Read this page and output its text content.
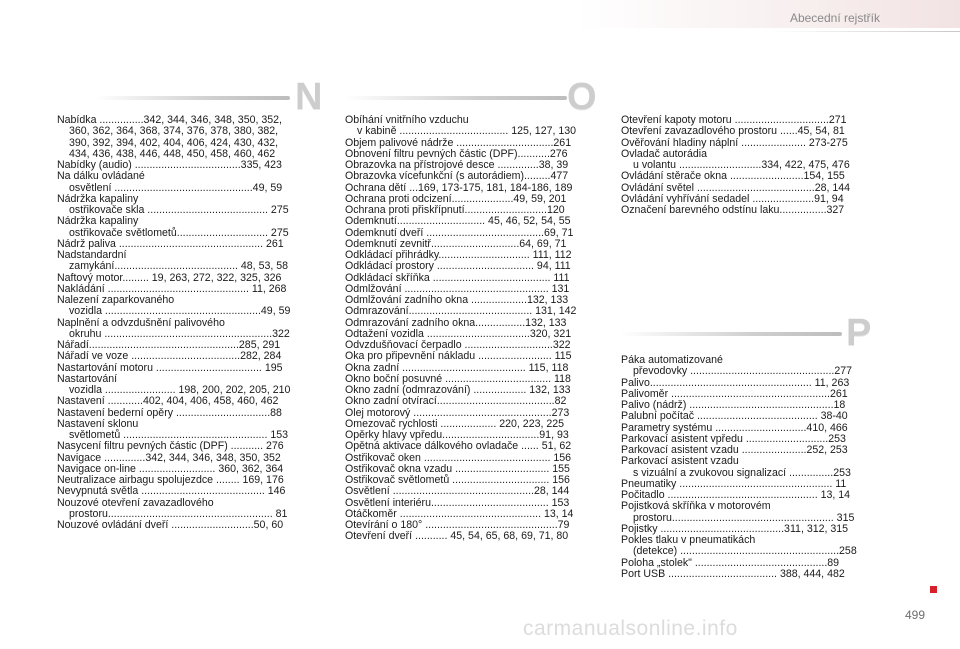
Abecední rejstřík
N	O
P
Nabídka ...............342, 344, 346, 348, 350, 352,
360, 362, 364, 368, 374, 376, 378, 380, 382,
390, 392, 394, 402, 404, 406, 424, 430, 432,
434, 436, 438, 446, 448, 450, 458, 460, 462
Nabídky (audio) ....................................335, 423
Na dálku ovládané
osvětlení ...............................................49, 59
Nádržka kapaliny
ostřikovače skla ......................................... 275
Nádržka kapaliny
ostřikovače světlometů............................... 275
Nádrž paliva ................................................. 261
Nadstandardní
zamykání.......................................... 48, 53, 58
Naftový motor......... 19, 263, 272, 322, 325, 326
Nakládání ................................................ 11, 268
Nalezení zaparkovaného
vozidla .....................................................49, 59
Naplnění a odvzdušnění palivového
okruhu .........................................................322
Nářadí...................................................285, 291
Nářadí ve voze .....................................282, 284
Nastartování motoru .................................... 195
Nastartování
vozidla ........................ 198, 200, 202, 205, 210
Nastavení ............402, 404, 406, 458, 460, 462
Nastavení bederní opěry ................................88
Nastavení sklonu
světlometů ................................................. 153
Nasycení filtru pevných částic (DPF) ........... 276
Navigace ..............342, 344, 346, 348, 350, 352
Navigace on-line .......................... 360, 362, 364
Neutralizace airbagu spolujezdce ........ 169, 176
Nevypnutá světla .......................................... 146
Nouzové otevření zavazadlového
prostoru........................................................ 81
Nouzové ovládání dveří ............................50, 60
Obíhání vnitřního vzduchu
v kabině ..................................... 125, 127, 130
Objem palivové nádrže .................................261
Obnovení filtru pevných částic (DPF)...........276
Obrazovka na přístrojové desce ..............38, 39
Obrazovka vícefunkční (s autorádiem).........477
Ochrana dětí ...169, 173-175, 181, 184-186, 189
Ochrana proti odcizení.....................49, 59, 201
Ochrana proti přiskřípnutí............................120
Odemknutí.............................. 45, 46, 52, 54, 55
Odemknutí dveří ........................................69, 71
Odemknutí zevnitř..............................64, 69, 71
Odkládací přihrádky............................... 111, 112
Odkládací prostory ................................. 94, 111
Odkládací skříňka ........................................ 111
Odmlžování ................................................. 131
Odmlžování zadního okna ...................132, 133
Odmrazování.......................................... 131, 142
Odmrazování zadního okna.................132, 133
Odtažení vozidla ...................................320, 321
Odvzdušňovací čerpadlo ..............................322
Oka pro připevnění nákladu ......................... 115
Okna zadní .......................................... 115, 118
Okno boční posuvné .................................... 118
Okno zadní (odmrazování) .................. 132, 133
Okno zadní otvírací........................................82
Olej motorový ...............................................273
Omezovač rychlosti ................... 220, 223, 225
Opěrky hlavy vpředu.................................91, 93
Opětná aktivace dálkového ovladače ...... 51, 62
Ostřikovač oken ........................................... 156
Ostřikovač okna vzadu ................................ 155
Ostřikovač světlometů ................................. 156
Osvětlení ................................................28, 144
Osvětlení interiéru........................................ 153
Otáčkoměr ................................................ 13, 14
Otevírání o 180° .............................................79
Otevření dveří ........... 45, 54, 65, 68, 69, 71, 80
Otevření kapoty motoru ................................271
Otevření zavazadlového prostoru ......45, 54, 81
Ověřování hladiny náplní ...................... 273-275
Ovladač autorádia
u volantu ............................334, 422, 475, 476
Ovládání stěrače okna .........................154, 155
Ovládání světel ........................................28, 144
Ovládání vyhřívání sedadel .....................91, 94
Označení barevného odstínu laku................327
Páka automatizované
převodovky .................................................277
Palivo....................................................... 11, 263
Palivoměr ......................................................261
Palivo (nádrž) .................................................18
Palubní počítač ......................................... 38-40
Parametry systému ...............................410, 466
Parkovací asistent vpředu ............................253
Parkovací asistent vzadu ......................252, 253
Parkovací asistent vzadu
s vizuální a zvukovou signalizací ...............253
Pneumatiky .................................................... 11
Počitadlo ................................................... 13, 14
Pojistková skříňka v motorovém
prostoru....................................................... 315
Pojistky ..........................................311, 312, 315
Pokles tlaku v pneumatikách
(detekce) ......................................................258
Poloha „stolek" .............................................89
Port USB ..................................... 388, 444, 482
499
carmanualsonline.info
